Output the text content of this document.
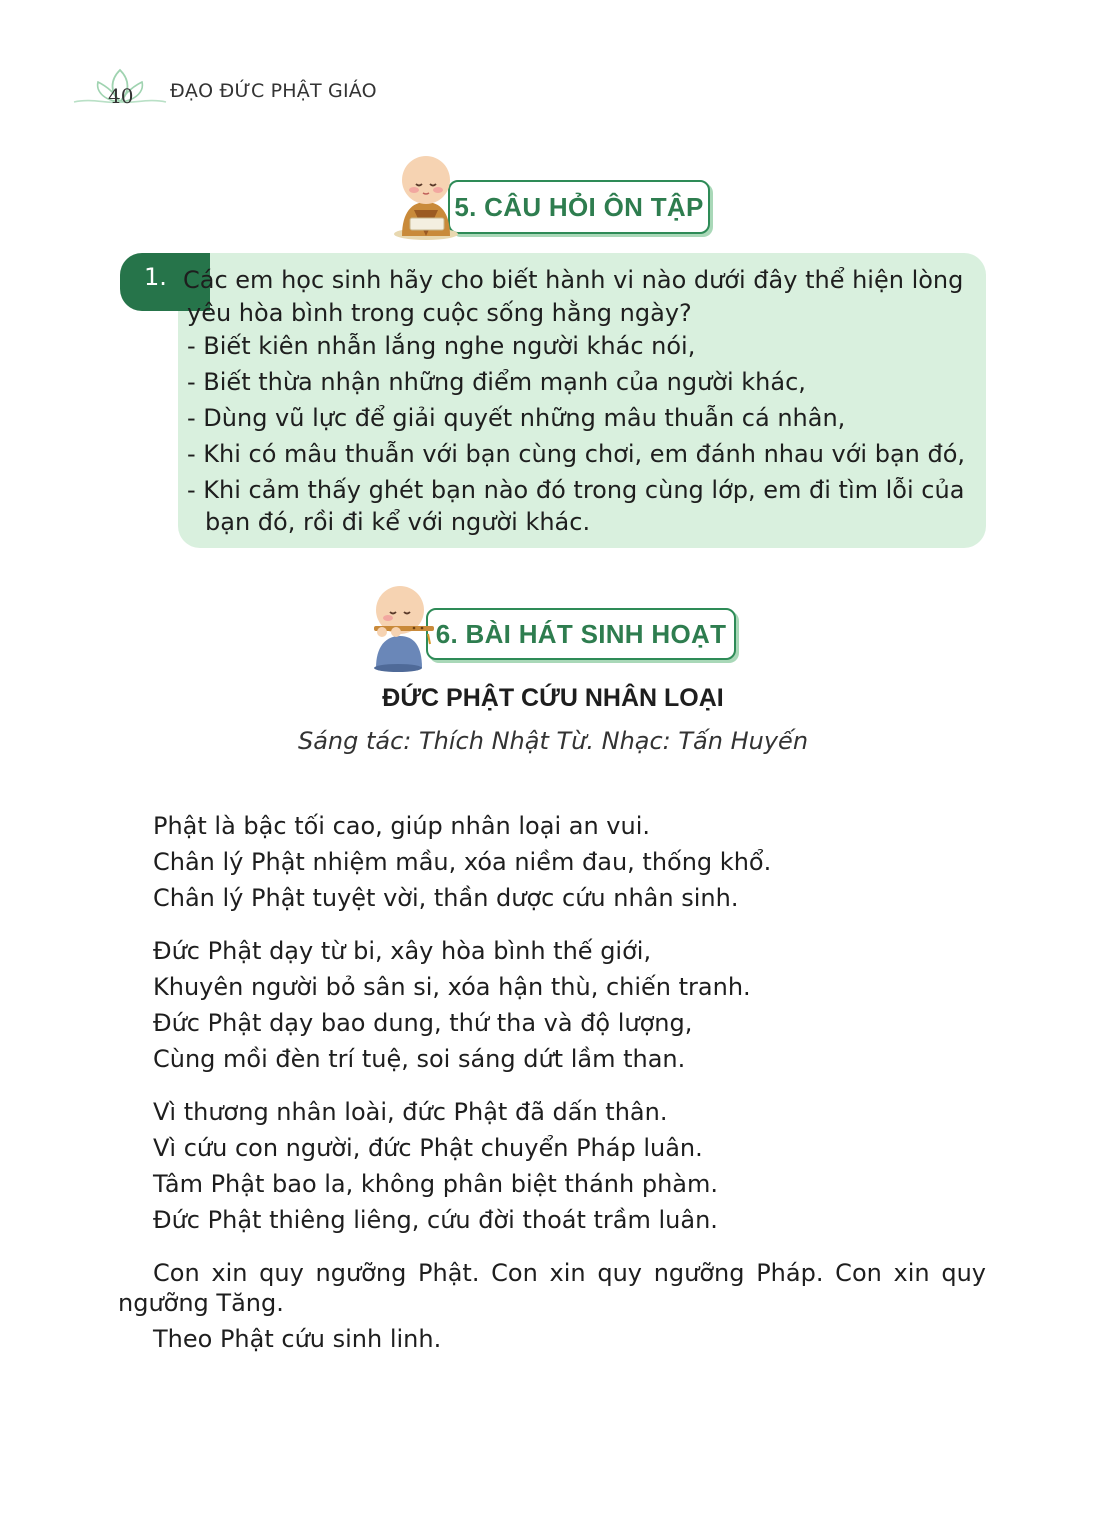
40 ĐẠO ĐỨC PHẬT GIÁO
5. CÂU HỎI ÔN TẬP
1. Các em học sinh hãy cho biết hành vi nào dưới đây thể hiện lòng
yêu hòa bình trong cuộc sống hằng ngày?
- Biết kiên nhẫn lắng nghe người khác nói,
- Biết thừa nhận những điểm mạnh của người khác,
- Dùng vũ lực để giải quyết những mâu thuẫn cá nhân,
- Khi có mâu thuẫn với bạn cùng chơi, em đánh nhau với bạn đó,
- Khi cảm thấy ghét bạn nào đó trong cùng lớp, em đi tìm lỗi của
bạn đó, rồi đi kể với người khác.
6. BÀI HÁT SINH HOẠT
ĐỨC PHẬT CỨU NHÂN LOẠI
Sáng tác: Thích Nhật Từ. Nhạc: Tấn Huyến
Phật là bậc tối cao, giúp nhân loại an vui.
Chân lý Phật nhiệm mầu, xóa niềm đau, thống khổ.
Chân lý Phật tuyệt vời, thần dược cứu nhân sinh.
Đức Phật dạy từ bi, xây hòa bình thế giới,
Khuyên người bỏ sân si, xóa hận thù, chiến tranh.
Đức Phật dạy bao dung, thứ tha và độ lượng,
Cùng mồi đèn trí tuệ, soi sáng dứt lầm than.
Vì thương nhân loài, đức Phật đã dấn thân.
Vì cứu con người, đức Phật chuyển Pháp luân.
Tâm Phật bao la, không phân biệt thánh phàm.
Đức Phật thiêng liêng, cứu đời thoát trầm luân.
Con xin quy ngưỡng Phật. Con xin quy ngưỡng Pháp. Con xin quy ngưỡng Tăng.
Theo Phật cứu sinh linh.
